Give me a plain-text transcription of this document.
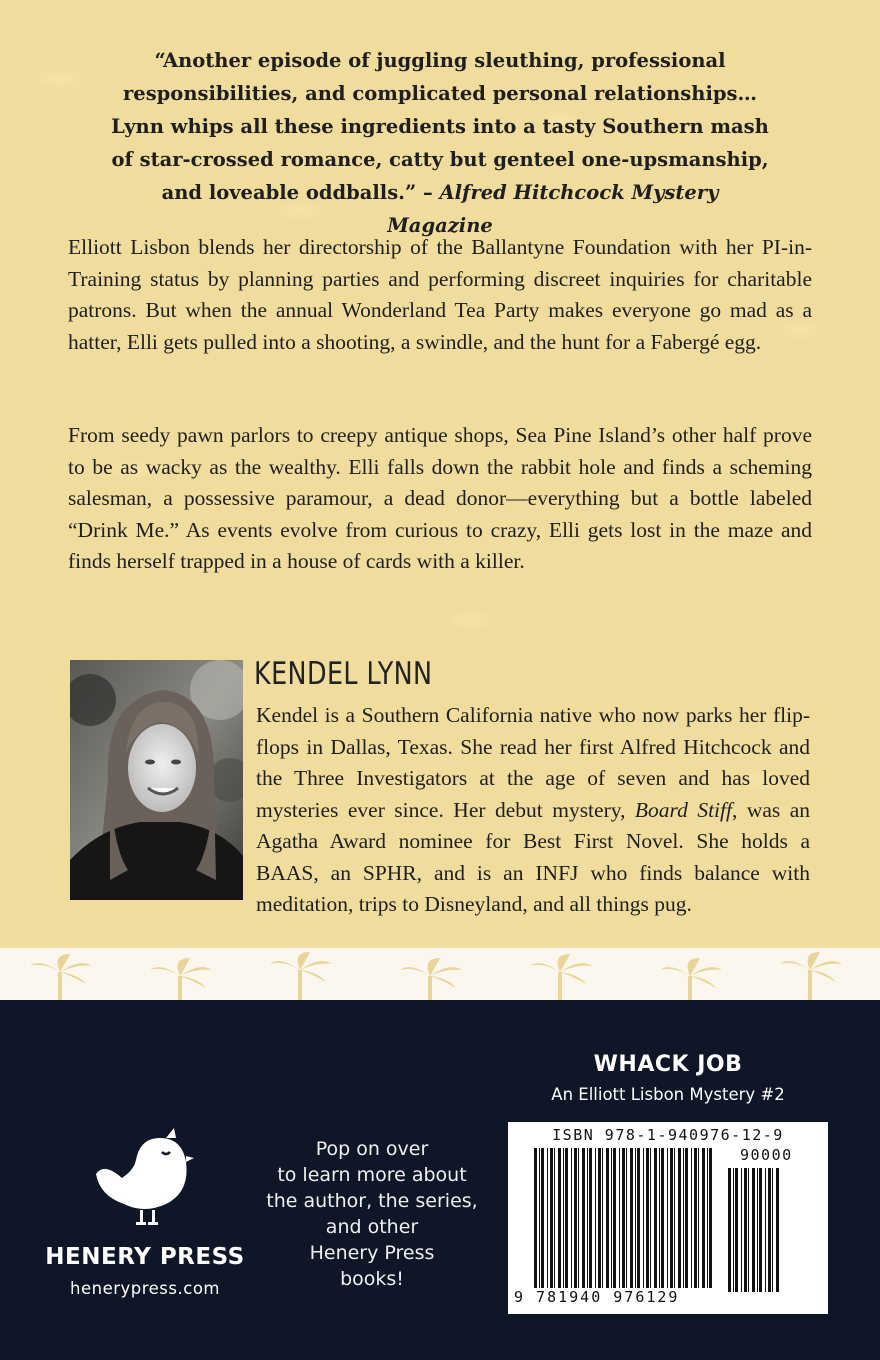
“Another episode of juggling sleuthing, professional responsibilities, and complicated personal relationships…Lynn whips all these ingredients into a tasty Southern mash of star-crossed romance, catty but genteel one-upsmanship, and loveable oddballs.” – Alfred Hitchcock Mystery Magazine

Elliott Lisbon blends her directorship of the Ballantyne Foundation with her PI-in-Training status by planning parties and performing discreet inquiries for charitable patrons. But when the annual Wonderland Tea Party makes everyone go mad as a hatter, Elli gets pulled into a shooting, a swindle, and the hunt for a Fabergé egg.

From seedy pawn parlors to creepy antique shops, Sea Pine Island’s other half prove to be as wacky as the wealthy. Elli falls down the rabbit hole and finds a scheming salesman, a possessive paramour, a dead donor—everything but a bottle labeled “Drink Me.” As events evolve from curious to crazy, Elli gets lost in the maze and finds herself trapped in a house of cards with a killer.

KENDEL LYNN

Kendel is a Southern California native who now parks her flip-flops in Dallas, Texas. She read her first Alfred Hitchcock and the Three Investigators at the age of seven and has loved mysteries ever since. Her debut mystery, Board Stiff, was an Agatha Award nominee for Best First Novel. She holds a BAAS, an SPHR, and is an INFJ who finds balance with meditation, trips to Disneyland, and all things pug.

HENERY PRESS
henerypress.com
Pop on over
to learn more about
the author, the series,
and other
Henery Press
books!
WHACK JOB
An Elliott Lisbon Mystery #2
ISBN 978-1-940976-12-9
90000
9 781940 976129
